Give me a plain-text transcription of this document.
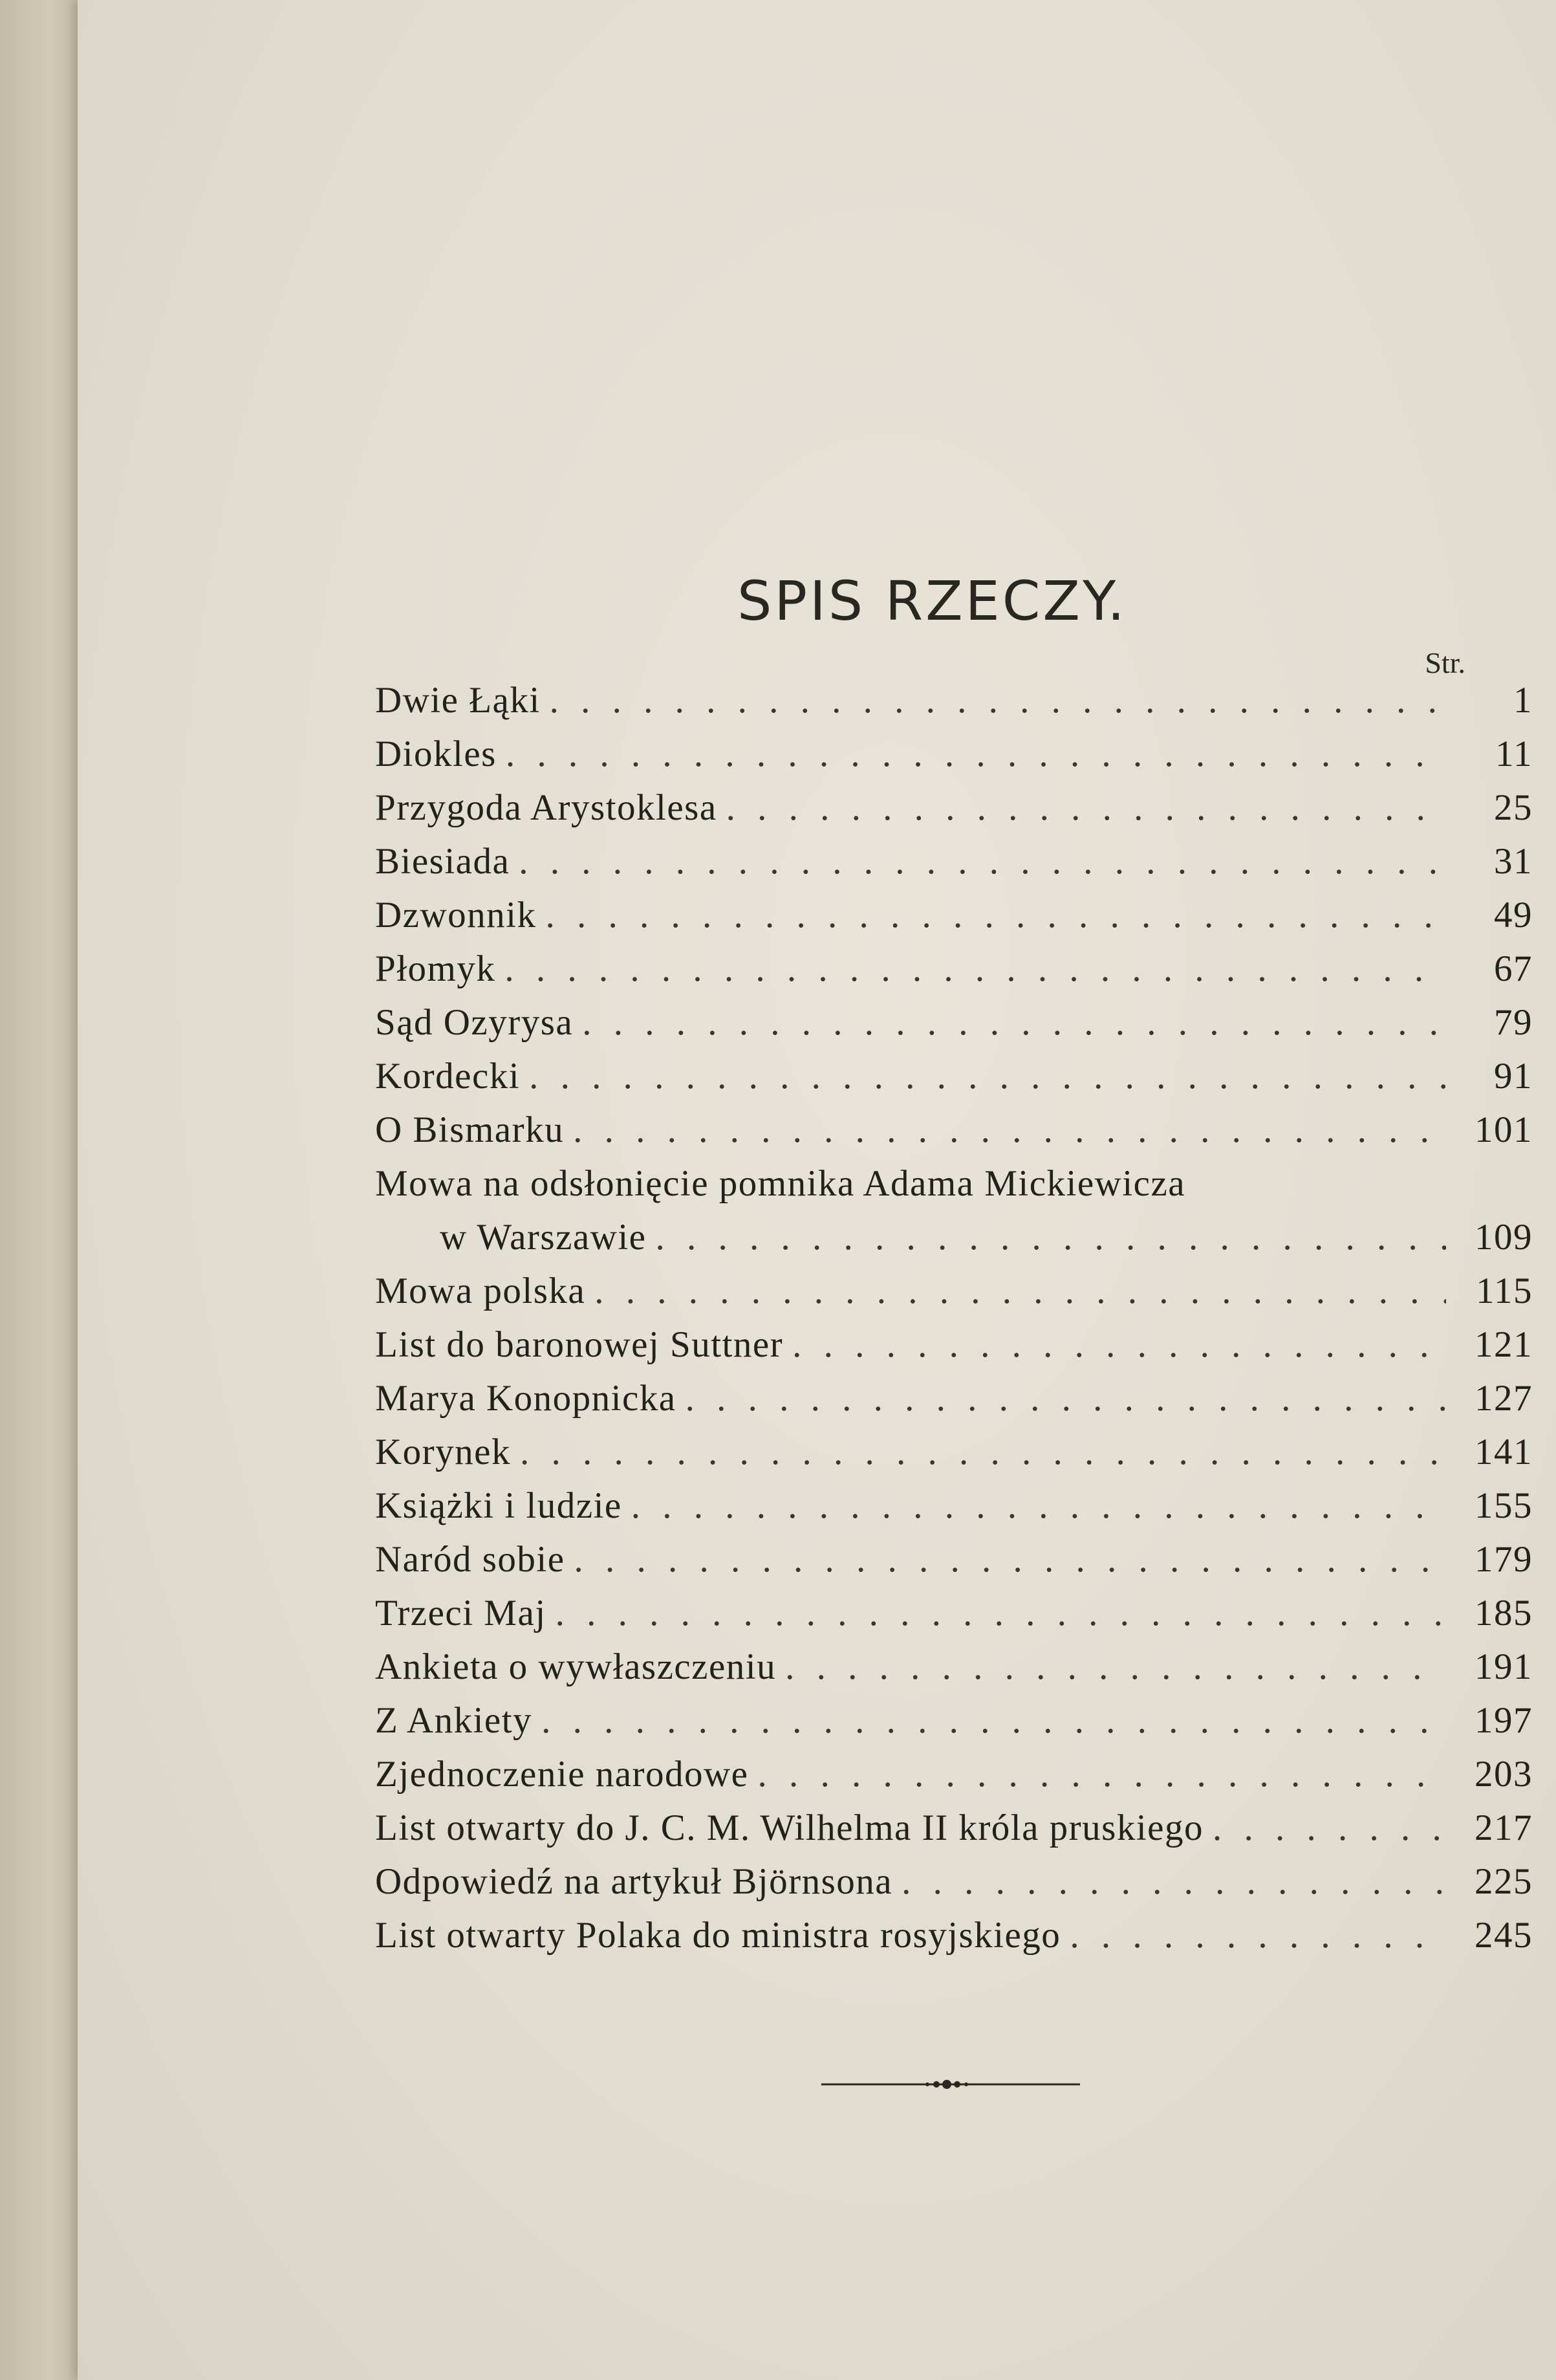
SPIS RZECZY.
Str.
Dwie Łąki . . .	1
Diokles . . .	11
Przygoda Arystoklesa . . .	25
Biesiada . . .	31
Dzwonnik . . .	49
Płomyk . . .	67
Sąd Ozyrysa . . .	79
Kordecki . . .	91
O Bismarku . . .	101
Mowa na odsłonięcie pomnika Adama Mickiewicza
w Warszawie . . .	109
Mowa polska . . .	115
List do baronowej Suttner . . .	121
Marya Konopnicka . . .	127
Korynek . . .	141
Książki i ludzie . . .	155
Naród sobie . . .	179
Trzeci Maj . . .	185
Ankieta o wywłaszczeniu . . .	191
Z Ankiety . . .	197
Zjednoczenie narodowe . . .	203
List otwarty do J. C. M. Wilhelma II króla pruskiego . . .	217
Odpowiedź na artykuł Björnsona . . .	225
List otwarty Polaka do ministra rosyjskiego . . .	245
